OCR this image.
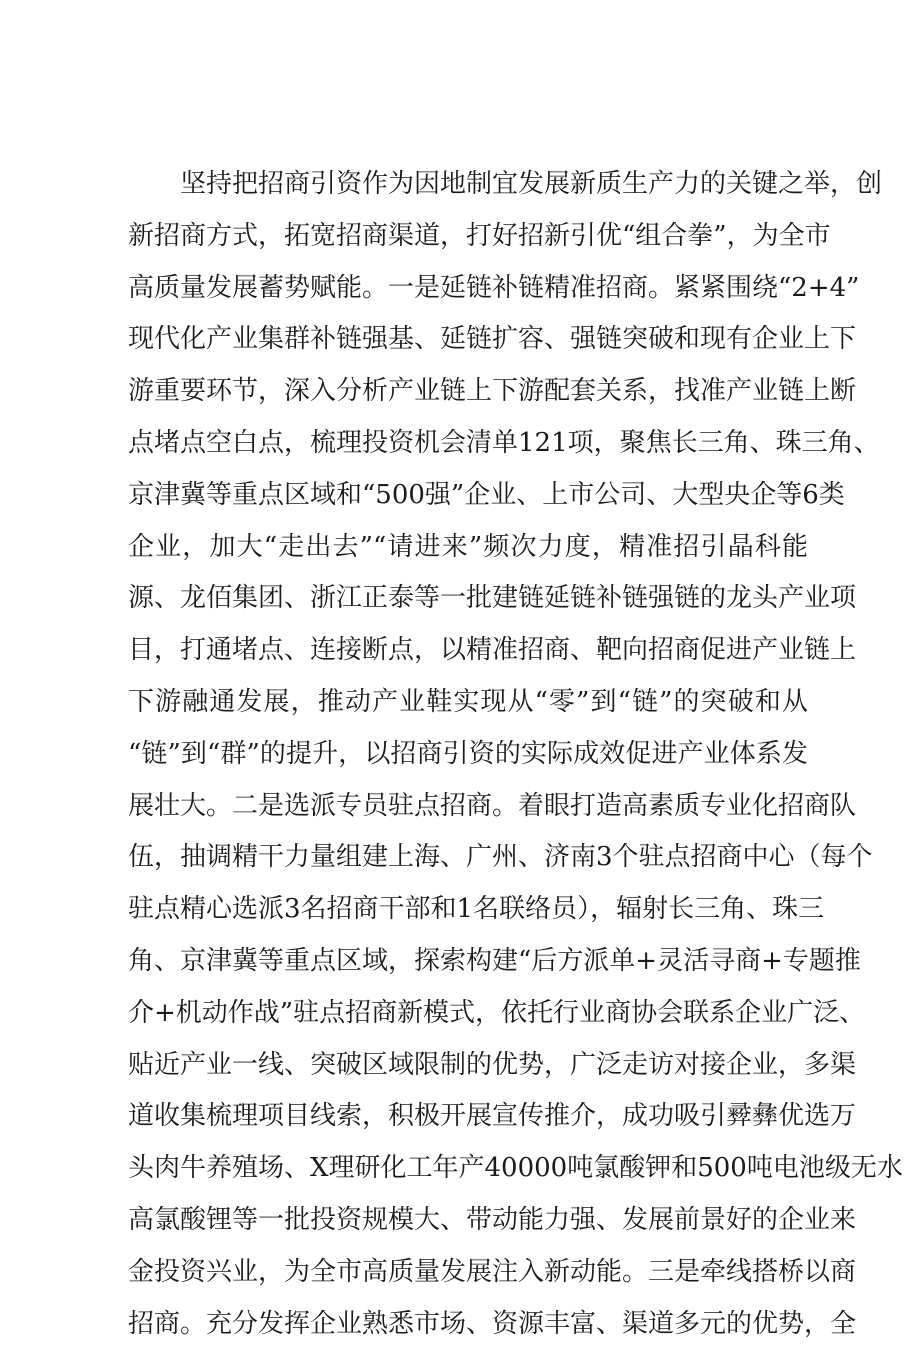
坚持把招商引资作为因地制宜发展新质生产力的关键之举，创
新招商方式，拓宽招商渠道，打好招新引优“组合拳”，为全市
高质量发展蓄势赋能。一是延链补链精准招商。紧紧围绕“2+4”
现代化产业集群补链强基、延链扩容、强链突破和现有企业上下
游重要环节，深入分析产业链上下游配套关系，找准产业链上断
点堵点空白点，梳理投资机会清单121项，聚焦长三角、珠三角、
京津冀等重点区域和“500强”企业、上市公司、大型央企等6类
企业，加大“走出去”“请进来”频次力度，精准招引晶科能
源、龙佰集团、浙江正泰等一批建链延链补链强链的龙头产业项
目，打通堵点、连接断点，以精准招商、靶向招商促进产业链上
下游融通发展，推动产业鞋实现从“零”到“链”的突破和从
“链”到“群”的提升，以招商引资的实际成效促进产业体系发
展壮大。二是选派专员驻点招商。着眼打造高素质专业化招商队
伍，抽调精干力量组建上海、广州、济南3个驻点招商中心（每个
驻点精心选派3名招商干部和1名联络员），辐射长三角、珠三
角、京津冀等重点区域，探索构建“后方派单+灵活寻商+专题推
介+机动作战”驻点招商新模式，依托行业商协会联系企业广泛、
贴近产业一线、突破区域限制的优势，广泛走访对接企业，多渠
道收集梳理项目线索，积极开展宣传推介，成功吸引彛彝优选万
头肉牛养殖场、X理研化工年产40000吨氯酸钾和500吨电池级无水
高氯酸锂等一批投资规模大、带动能力强、发展前景好的企业来
金投资兴业，为全市高质量发展注入新动能。三是牵线搭桥以商
招商。充分发挥企业熟悉市场、资源丰富、渠道多元的优势，全
